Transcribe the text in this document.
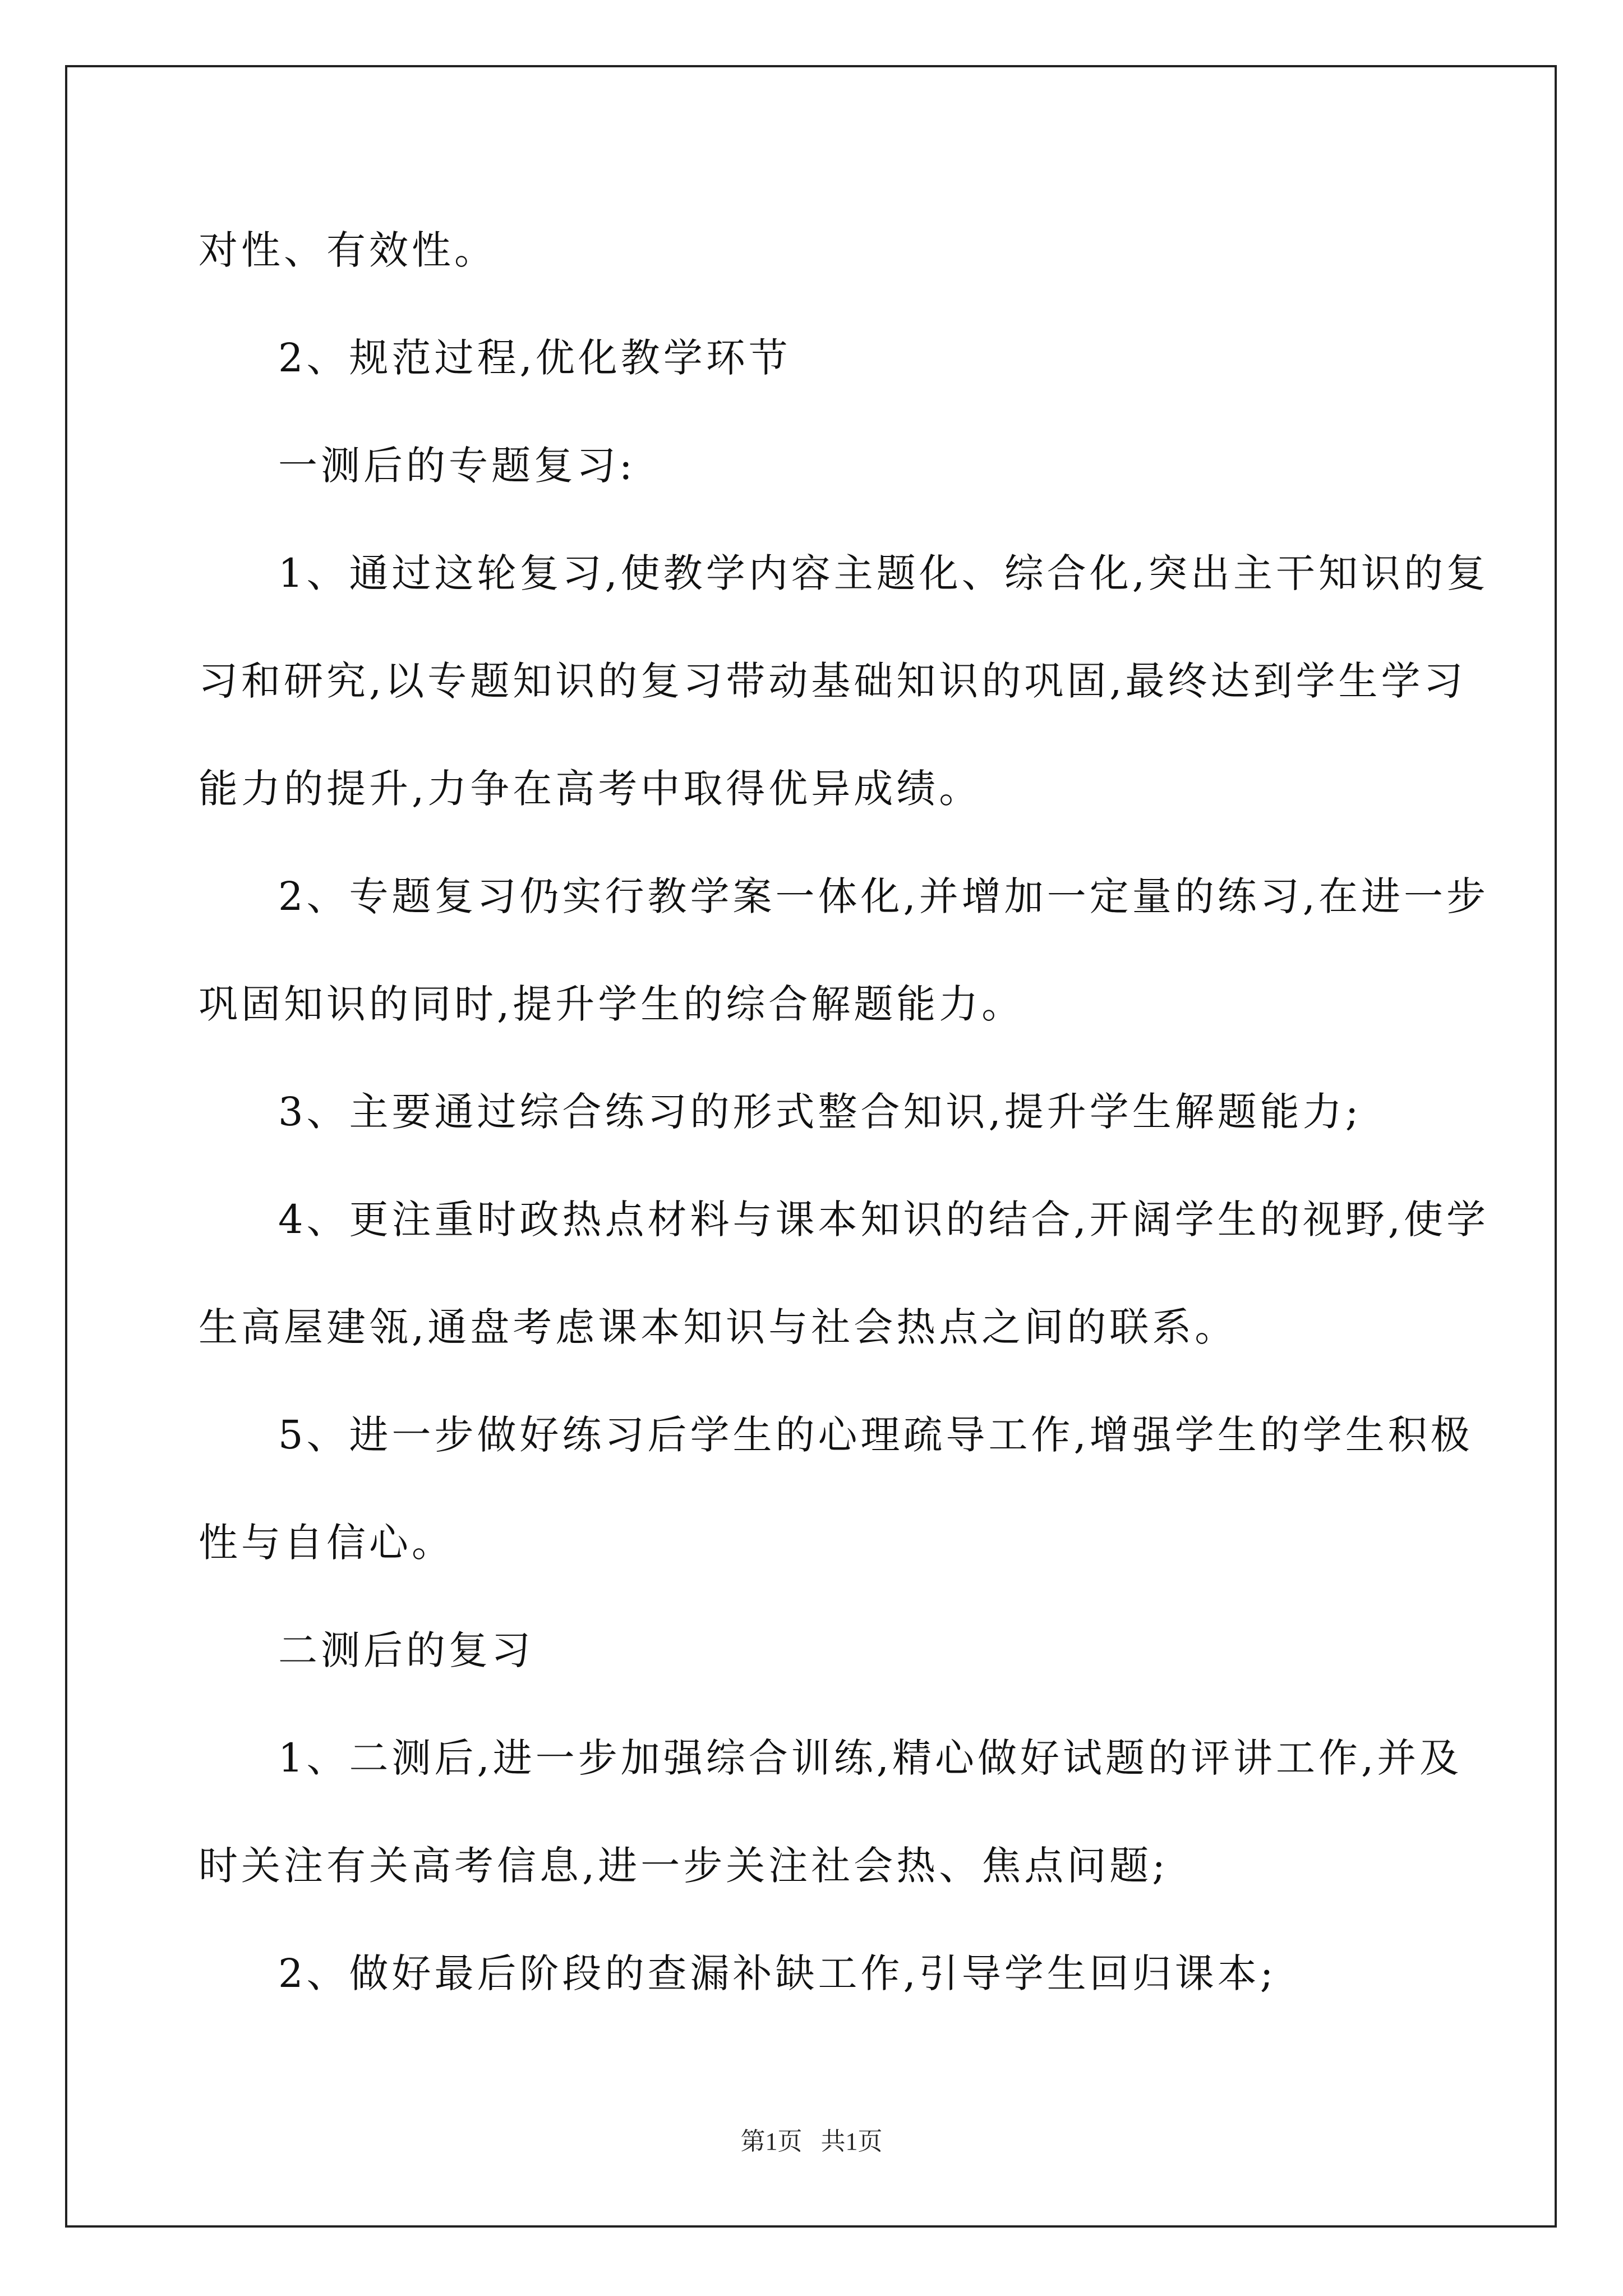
对性、有效性。
2、规范过程,优化教学环节
一测后的专题复习:
1、通过这轮复习,使教学内容主题化、综合化,突出主干知识的复
习和研究,以专题知识的复习带动基础知识的巩固,最终达到学生学习
能力的提升,力争在高考中取得优异成绩。
2、专题复习仍实行教学案一体化,并增加一定量的练习,在进一步
巩固知识的同时,提升学生的综合解题能力。
3、主要通过综合练习的形式整合知识,提升学生解题能力;
4、更注重时政热点材料与课本知识的结合,开阔学生的视野,使学
生高屋建瓴,通盘考虑课本知识与社会热点之间的联系。
5、进一步做好练习后学生的心理疏导工作,增强学生的学生积极
性与自信心。
二测后的复习
1、二测后,进一步加强综合训练,精心做好试题的评讲工作,并及
时关注有关高考信息,进一步关注社会热、焦点问题;
2、做好最后阶段的查漏补缺工作,引导学生回归课本;
第1页   共1页
